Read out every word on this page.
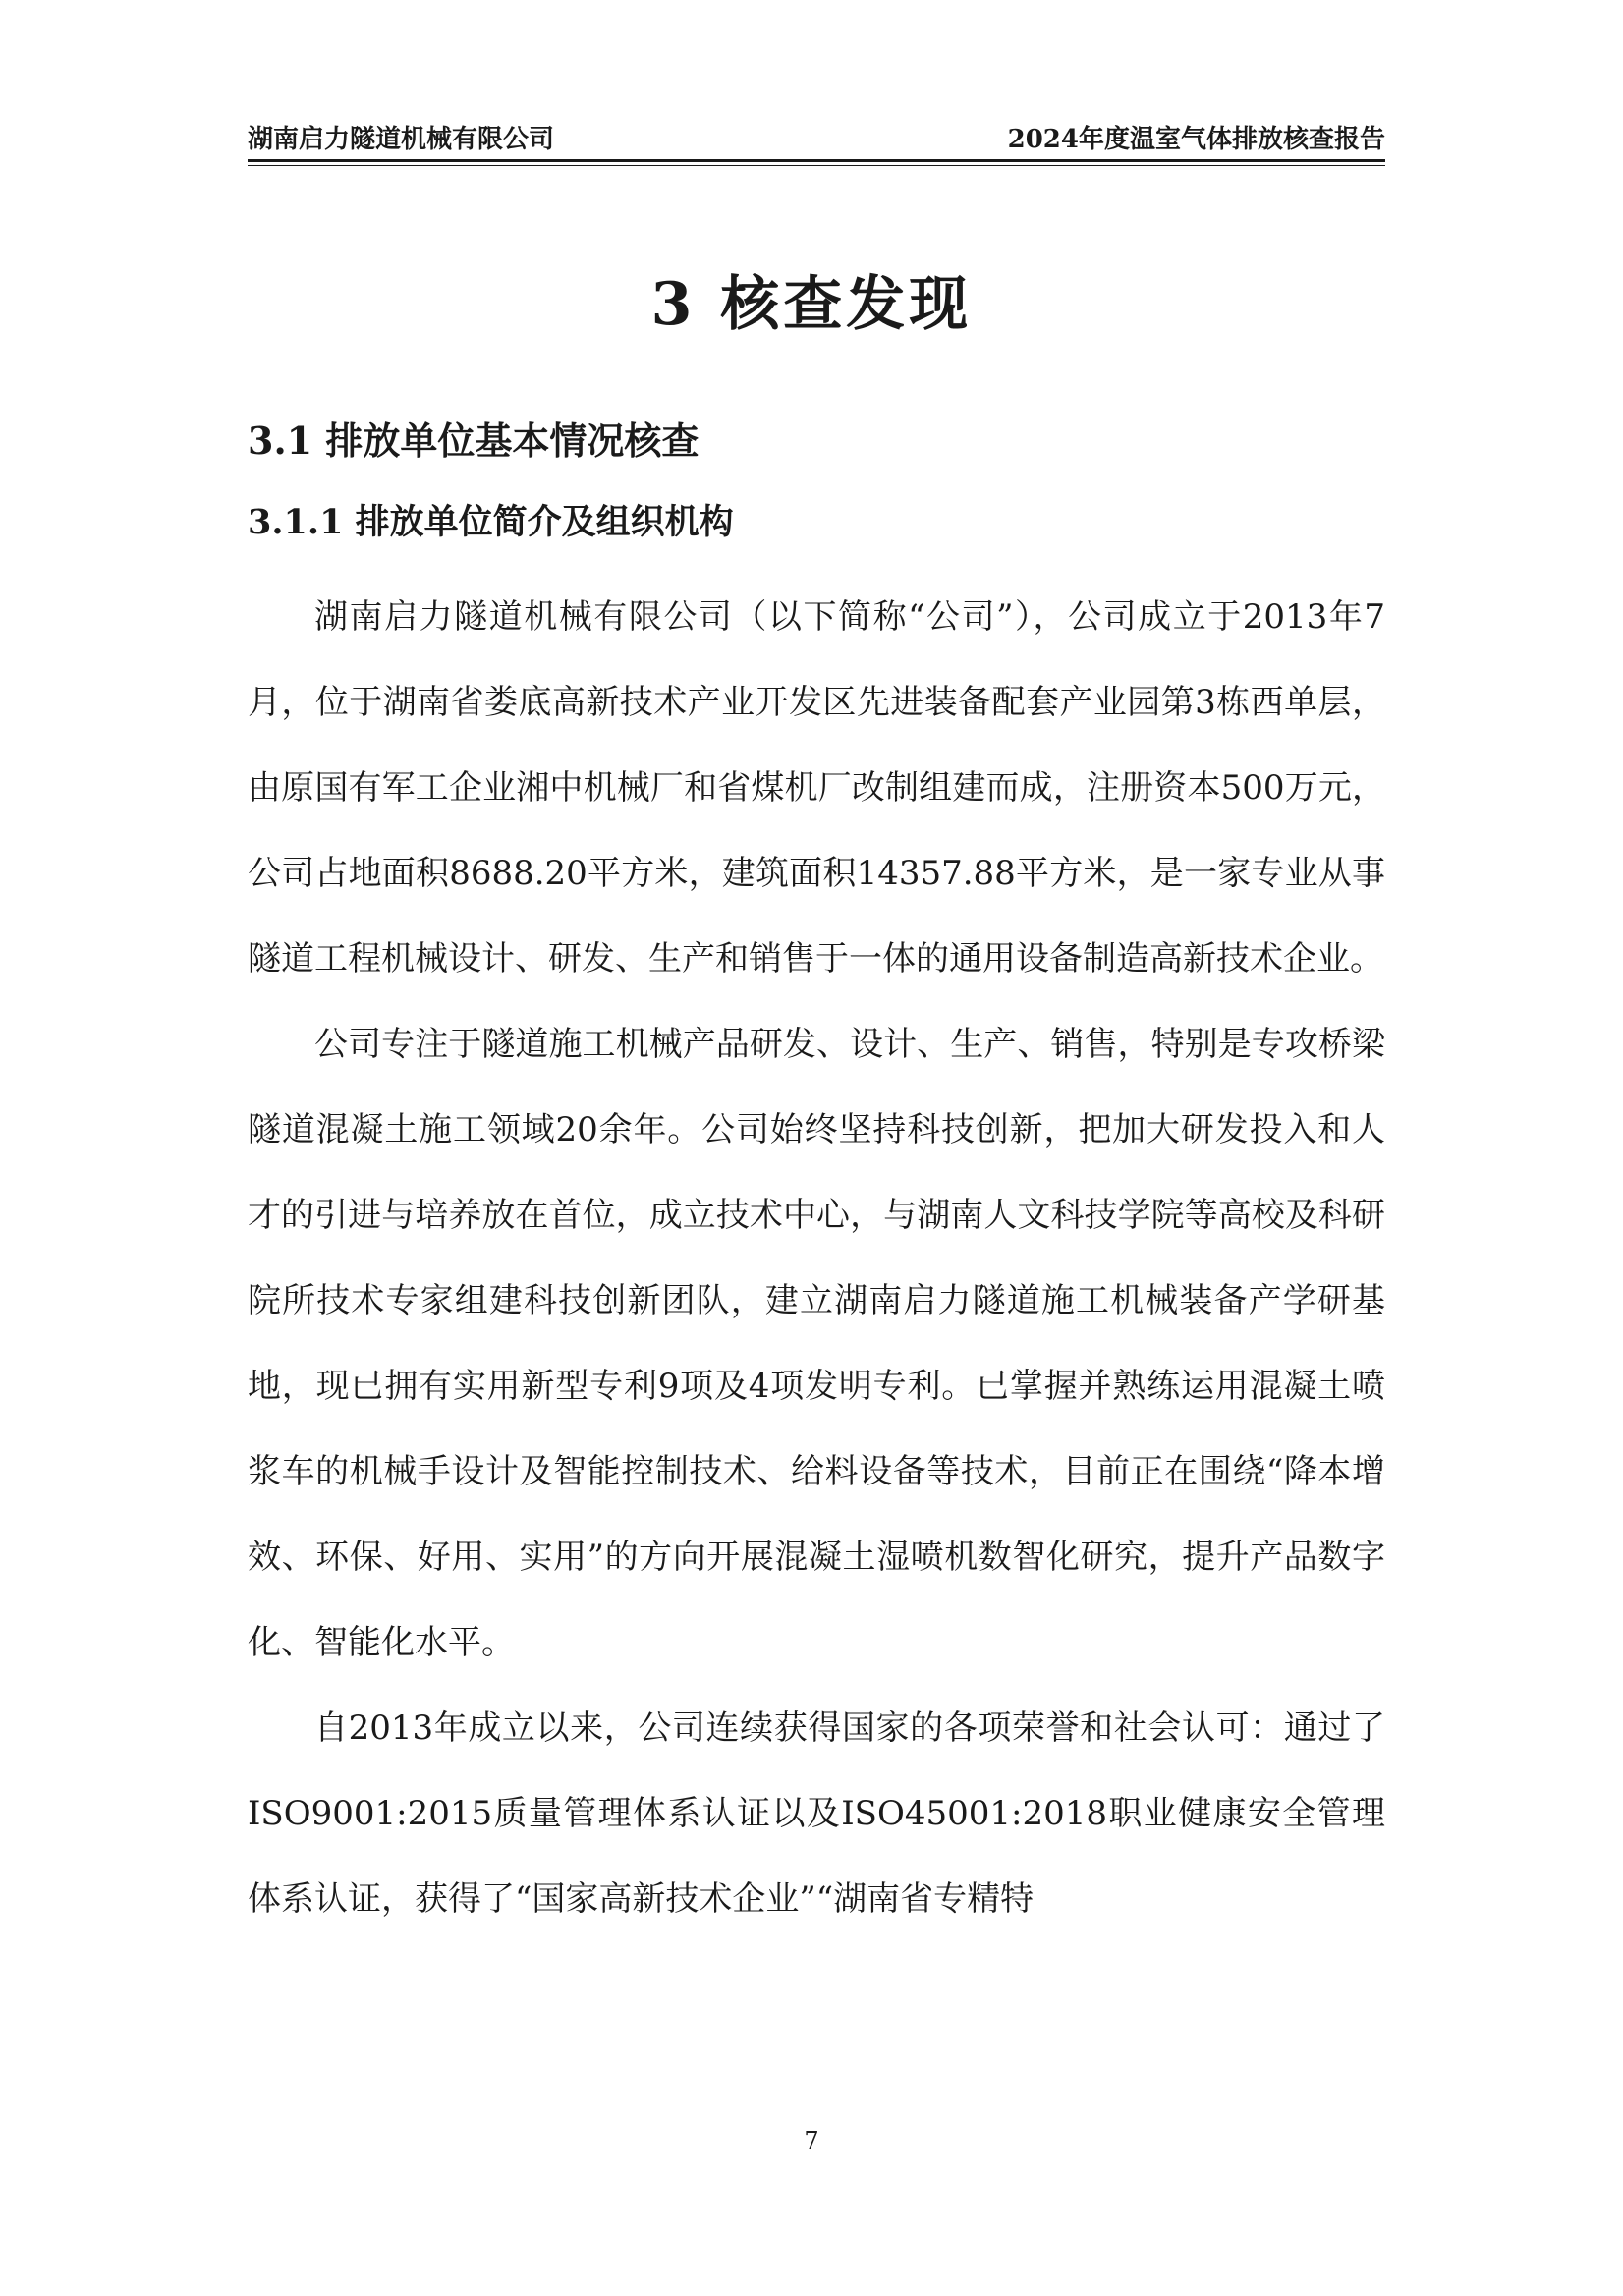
湖南启力隧道机械有限公司	2024年度温室气体排放核查报告
3 核查发现
3.1 排放单位基本情况核查
3.1.1 排放单位简介及组织机构

湖南启力隧道机械有限公司（以下简称“公司”），公司成立于2013年7月，位于湖南省娄底高新技术产业开发区先进装备配套产业园第3栋西单层，由原国有军工企业湘中机械厂和省煤机厂改制组建而成，注册资本500万元，公司占地面积8688.20平方米，建筑面积14357.88平方米，是一家专业从事隧道工程机械设计、研发、生产和销售于一体的通用设备制造高新技术企业。

公司专注于隧道施工机械产品研发、设计、生产、销售，特别是专攻桥梁隧道混凝土施工领域20余年。公司始终坚持科技创新，把加大研发投入和人才的引进与培养放在首位，成立技术中心，与湖南人文科技学院等高校及科研院所技术专家组建科技创新团队，建立湖南启力隧道施工机械装备产学研基地，现已拥有实用新型专利9项及4项发明专利。已掌握并熟练运用混凝土喷浆车的机械手设计及智能控制技术、给料设备等技术，目前正在围绕“降本增效、环保、好用、实用”的方向开展混凝土湿喷机数智化研究，提升产品数字化、智能化水平。

自2013年成立以来，公司连续获得国家的各项荣誉和社会认可：通过了ISO9001:2015质量管理体系认证以及ISO45001:2018职业健康安全管理体系认证，获得了“国家高新技术企业”“湖南省专精特

7
